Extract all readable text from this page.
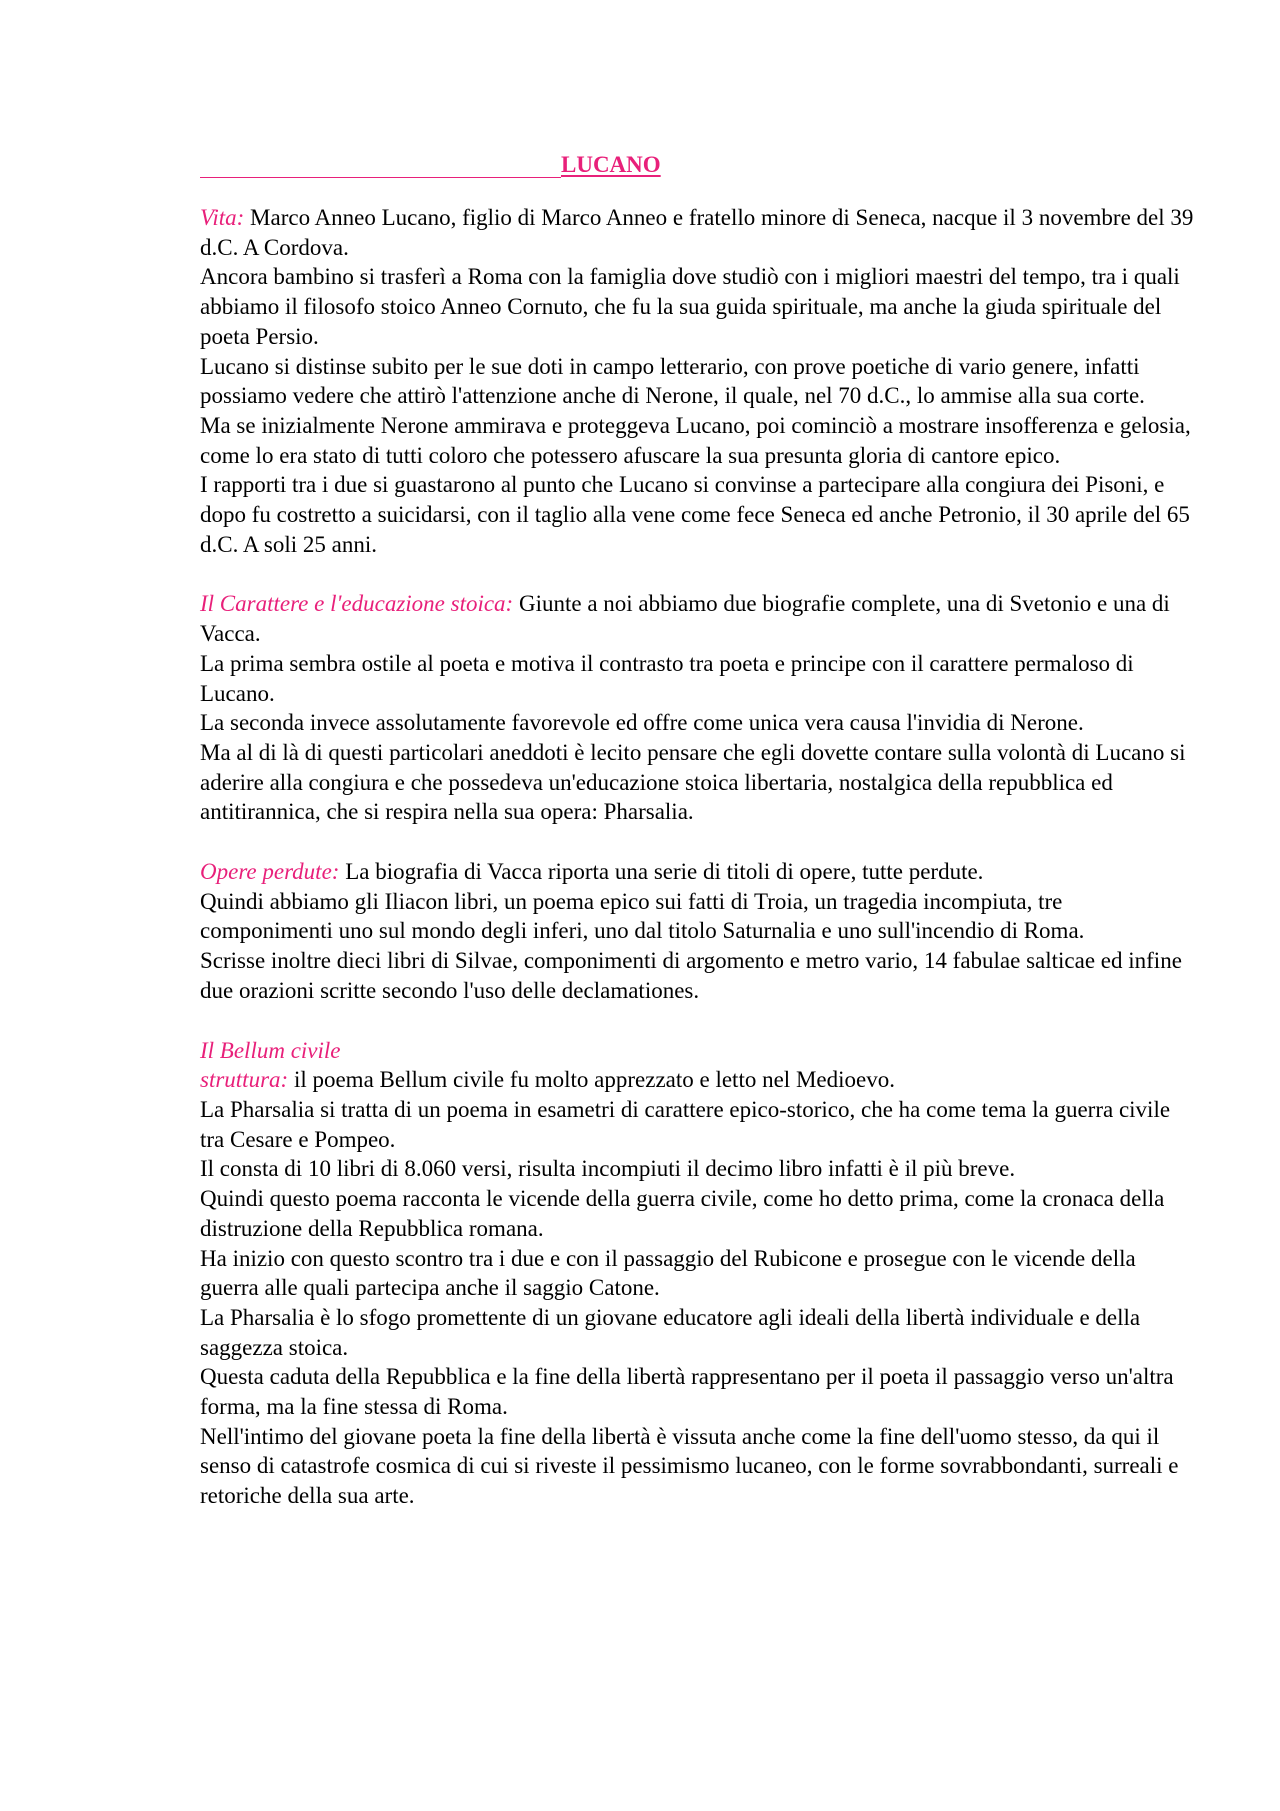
LUCANO

Vita: Marco Anneo Lucano, figlio di Marco Anneo e fratello minore di Seneca, nacque il 3 novembre del 39 d.C. A Cordova.

Ancora bambino si trasferì a Roma con la famiglia dove studiò con i migliori maestri del tempo, tra i quali abbiamo il filosofo stoico Anneo Cornuto, che fu la sua guida spirituale, ma anche la giuda spirituale del poeta Persio.

Lucano si distinse subito per le sue doti in campo letterario, con prove poetiche di vario genere, infatti possiamo vedere che attirò l'attenzione anche di Nerone, il quale, nel 70 d.C., lo ammise alla sua corte.

Ma se inizialmente Nerone ammirava e proteggeva Lucano, poi cominciò a mostrare insofferenza e gelosia, come lo era stato di tutti coloro che potessero afuscare la sua presunta gloria di cantore epico.

I rapporti tra i due si guastarono al punto che Lucano si convinse a partecipare alla congiura dei Pisoni, e dopo fu costretto a suicidarsi, con il taglio alla vene come fece Seneca ed anche Petronio, il 30 aprile del 65 d.C. A soli 25 anni.

Il Carattere e l'educazione stoica: Giunte a noi abbiamo due biografie complete, una di Svetonio e una di Vacca.

La prima sembra ostile al poeta e motiva il contrasto tra poeta e principe con il carattere permaloso di Lucano.

La seconda invece assolutamente favorevole ed offre come unica vera causa l'invidia di Nerone.

Ma al di là di questi particolari aneddoti è lecito pensare che egli dovette contare sulla volontà di Lucano si aderire alla congiura e che possedeva un'educazione stoica libertaria, nostalgica della repubblica ed antitirannica, che si respira nella sua opera: Pharsalia.

Opere perdute: La biografia di Vacca riporta una serie di titoli di opere, tutte perdute.

Quindi abbiamo gli Iliacon libri, un poema epico sui fatti di Troia, un tragedia incompiuta, tre componimenti uno sul mondo degli inferi, uno dal titolo Saturnalia e uno sull'incendio di Roma.

Scrisse inoltre dieci libri di Silvae, componimenti di argomento e metro vario, 14 fabulae salticae ed infine due orazioni scritte secondo l'uso delle declamationes.

Il Bellum civile

struttura: il poema Bellum civile fu molto apprezzato e letto nel Medioevo.

La Pharsalia si tratta di un poema in esametri di carattere epico-storico, che ha come tema la guerra civile tra Cesare e Pompeo.

Il consta di 10 libri di 8.060 versi, risulta incompiuti il decimo libro infatti è il più breve.

Quindi questo poema racconta le vicende della guerra civile, come ho detto prima, come la cronaca della distruzione della Repubblica romana.

Ha inizio con questo scontro tra i due e con il passaggio del Rubicone e prosegue con le vicende della guerra alle quali partecipa anche il saggio Catone.

La Pharsalia è lo sfogo promettente di un giovane educatore agli ideali della libertà individuale e della saggezza stoica.

Questa caduta della Repubblica e la fine della libertà rappresentano per il poeta il passaggio verso un'altra forma, ma la fine stessa di Roma.

Nell'intimo del giovane poeta la fine della libertà è vissuta anche come la fine dell'uomo stesso, da qui il senso di catastrofe cosmica di cui si riveste il pessimismo lucaneo, con le forme sovrabbondanti, surreali e retoriche della sua arte.
